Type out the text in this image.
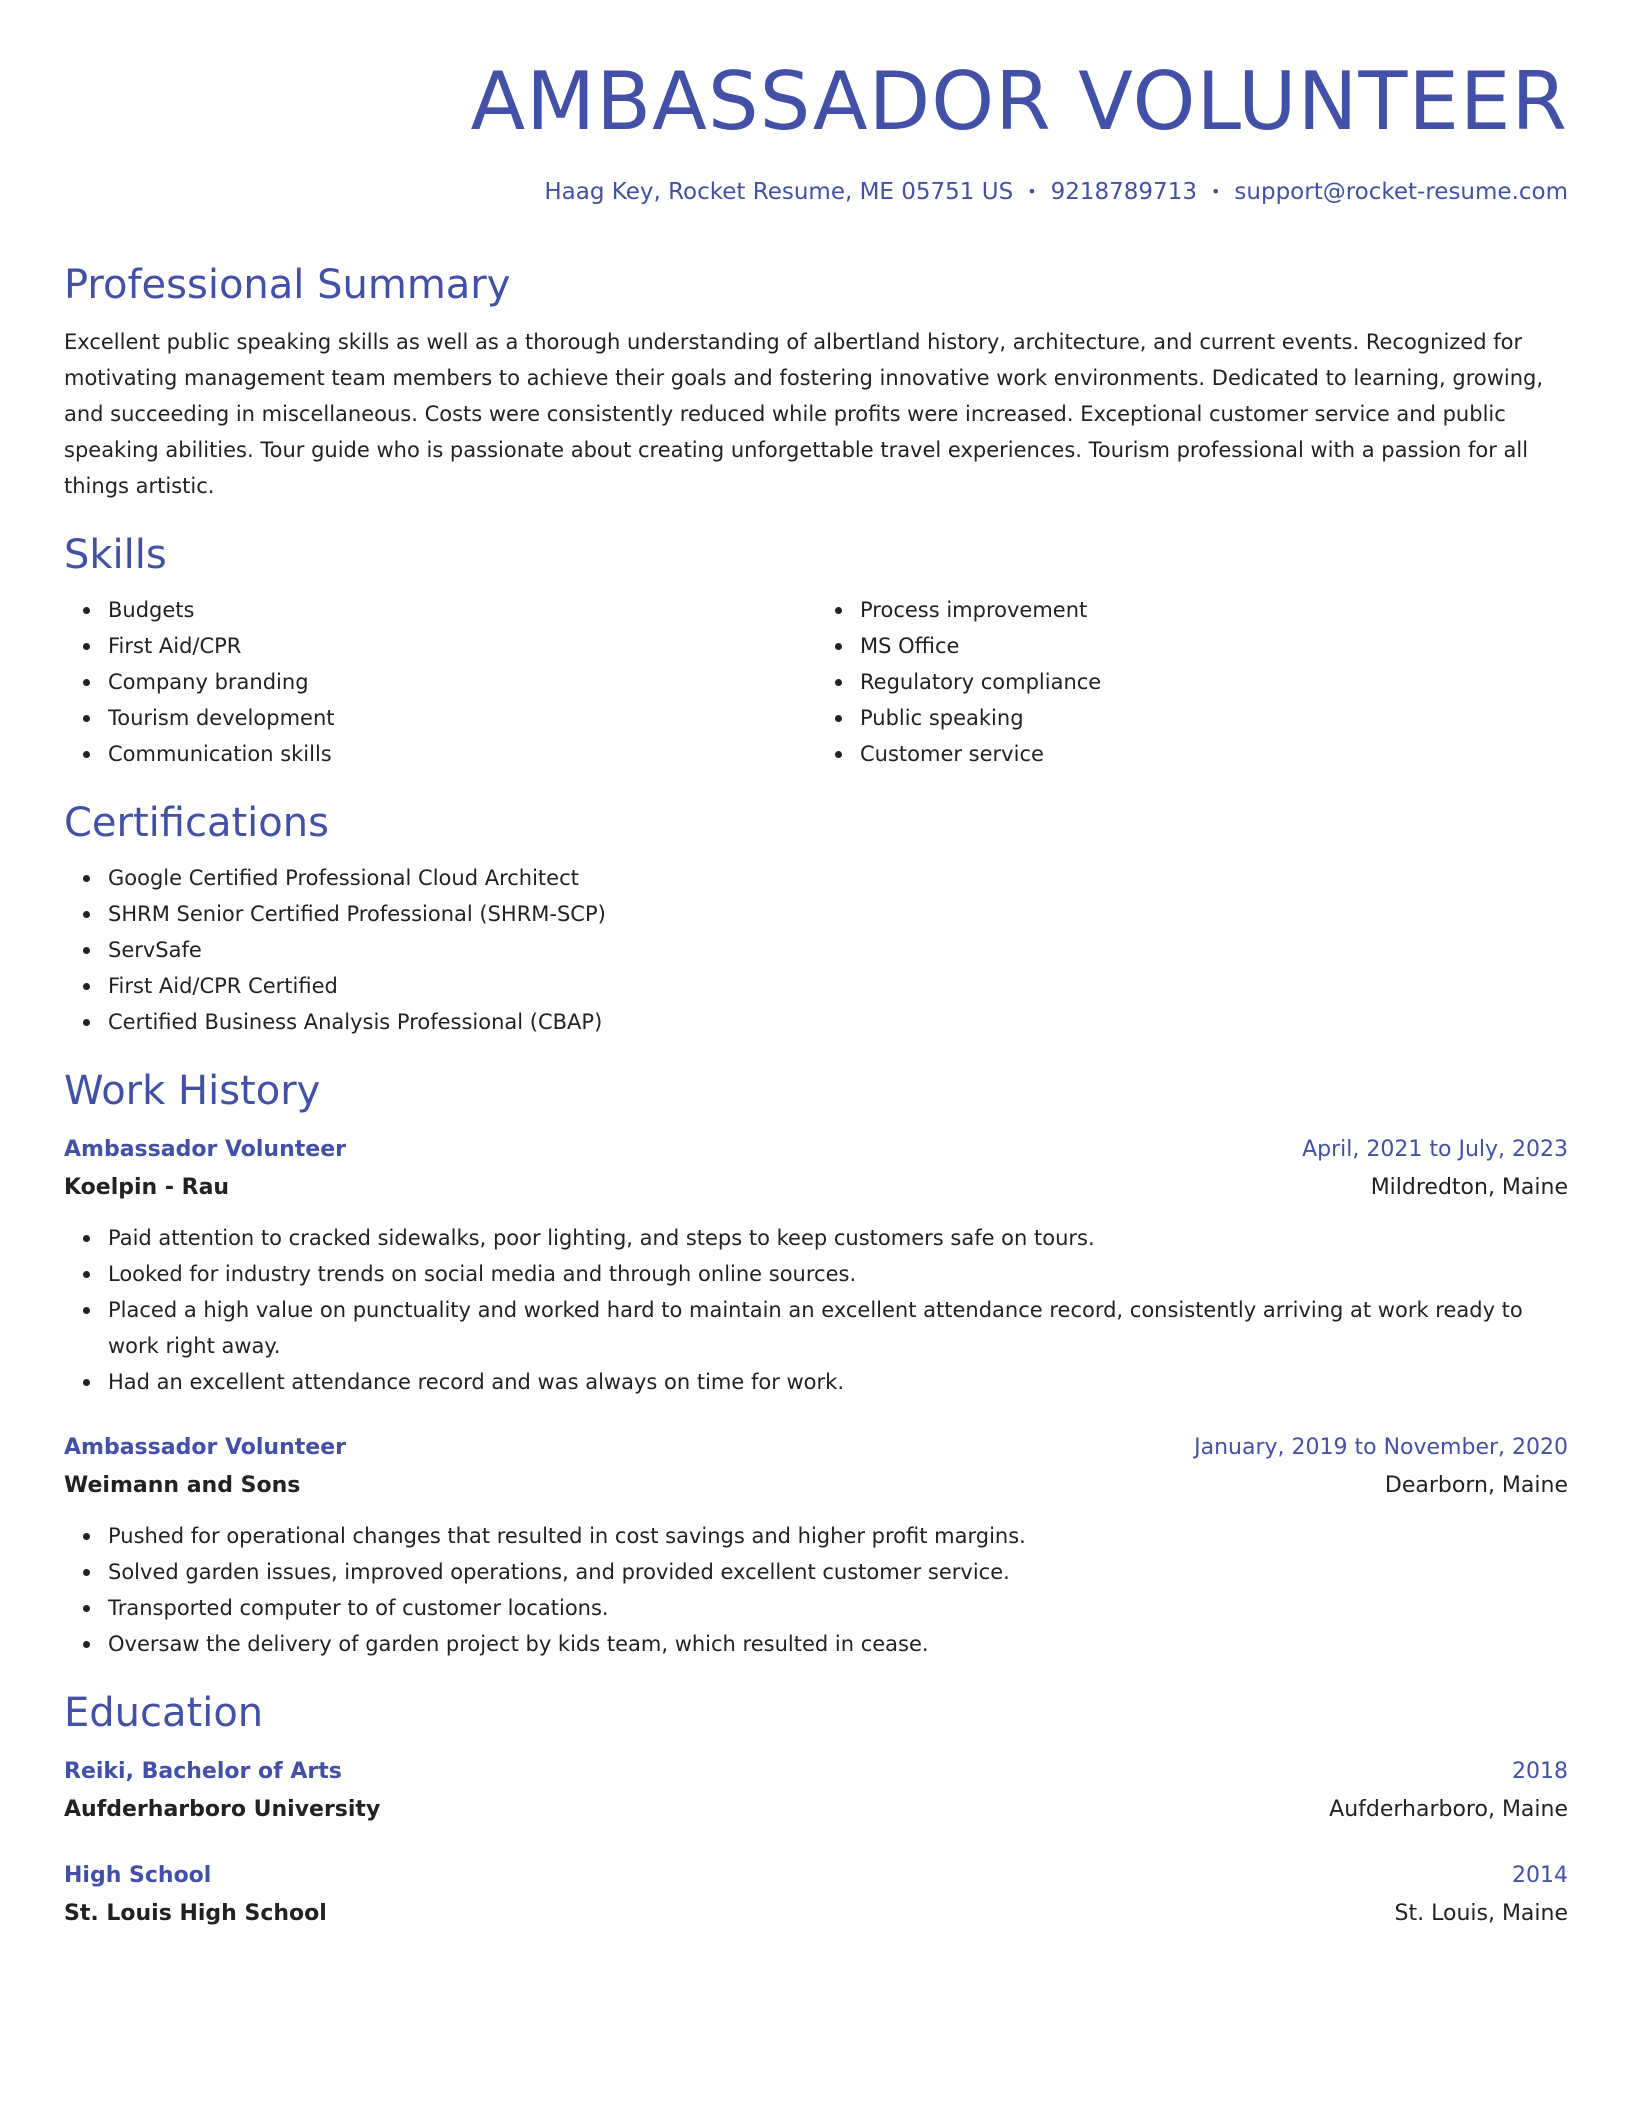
AMBASSADOR VOLUNTEER
Haag Key, Rocket Resume, ME 05751 US • 9218789713 • support@rocket-resume.com
Professional Summary

Excellent public speaking skills as well as a thorough understanding of albertland history, architecture, and current events. Recognized for motivating management team members to achieve their goals and fostering innovative work environments. Dedicated to learning, growing, and succeeding in miscellaneous. Costs were consistently reduced while profits were increased. Exceptional customer service and public speaking abilities. Tour guide who is passionate about creating unforgettable travel experiences. Tourism professional with a passion for all things artistic.

Skills
Budgets
First Aid/CPR
Company branding
Tourism development
Communication skills
Process improvement
MS Office
Regulatory compliance
Public speaking
Customer service
Certifications
Google Certified Professional Cloud Architect
SHRM Senior Certified Professional (SHRM-SCP)
ServSafe
First Aid/CPR Certified
Certified Business Analysis Professional (CBAP)
Work History
Ambassador Volunteer	April, 2021 to July, 2023
Koelpin - Rau	Mildredton, Maine
Paid attention to cracked sidewalks, poor lighting, and steps to keep customers safe on tours.
Looked for industry trends on social media and through online sources.
Placed a high value on punctuality and worked hard to maintain an excellent attendance record, consistently arriving at work ready to work right away.
Had an excellent attendance record and was always on time for work.
Ambassador Volunteer	January, 2019 to November, 2020
Weimann and Sons	Dearborn, Maine
Pushed for operational changes that resulted in cost savings and higher profit margins.
Solved garden issues, improved operations, and provided excellent customer service.
Transported computer to of customer locations.
Oversaw the delivery of garden project by kids team, which resulted in cease.
Education
Reiki, Bachelor of Arts	2018
Aufderharboro University	Aufderharboro, Maine
High School	2014
St. Louis High School	St. Louis, Maine
